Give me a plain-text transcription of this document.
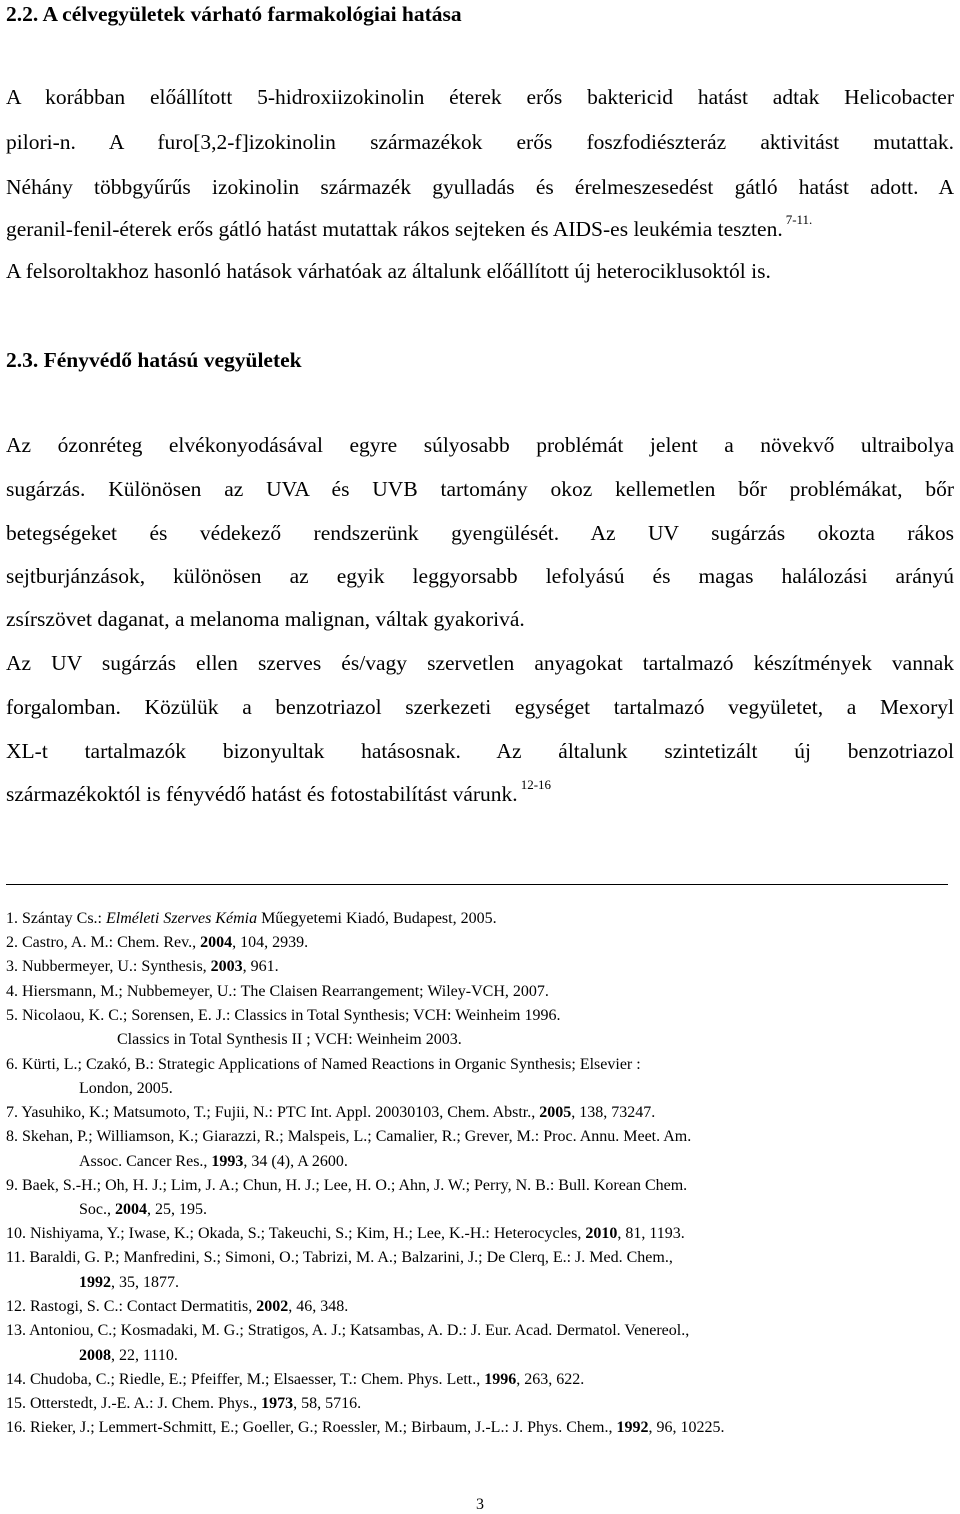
2.2. A célvegyületek várható farmakológiai hatása
A korábban előállított 5-hidroxiizokinolin éterek erős baktericid hatást adtak Helicobacter
pilori-n. A furo[3,2-f]izokinolin származékok erős foszfodiészteráz aktivitást mutattak.
Néhány többgyűrűs izokinolin származék gyulladás és érelmeszesedést gátló hatást adott. A
geranil-fenil-éterek erős gátló hatást mutattak rákos sejteken és AIDS-es leukémia teszten. $^{7-11.}$
A felsoroltakhoz hasonló hatások várhatóak az általunk előállított új heterociklusoktól is.
2.3. Fényvédő hatású vegyületek
Az ózonréteg elvékonyodásával egyre súlyosabb problémát jelent a növekvő ultraibolya
sugárzás. Különösen az UVA és UVB tartomány okoz kellemetlen bőr problémákat, bőr
betegségeket és védekező rendszerünk gyengülését. Az UV sugárzás okozta rákos
sejtburjánzások, különösen az egyik leggyorsabb lefolyású és magas halálozási arányú
zsírszövet daganat, a melanoma malignan, váltak gyakorivá.
Az UV sugárzás ellen szerves és/vagy szervetlen anyagokat tartalmazó készítmények vannak
forgalomban. Közülük a benzotriazol szerkezeti egységet tartalmazó vegyületet, a Mexoryl
XL-t tartalmazók bizonyultak hatásosnak. Az általunk szintetizált új benzotriazol
származékoktól is fényvédő hatást és fotostabilítást várunk. $^{12-16}$
1. Szántay Cs.: Elméleti Szerves Kémia Műegyetemi Kiadó, Budapest, 2005.
2. Castro, A. M.: Chem. Rev., 2004, 104, 2939.
3. Nubbermeyer, U.: Synthesis, 2003, 961.
4. Hiersmann, M.; Nubbemeyer, U.: The Claisen Rearrangement; Wiley-VCH, 2007.
5. Nicolaou, K. C.; Sorensen, E. J.: Classics in Total Synthesis; VCH: Weinheim 1996.
Classics in Total Synthesis II ; VCH: Weinheim 2003.
6. Kürti, L.; Czakó, B.: Strategic Applications of Named Reactions in Organic Synthesis; Elsevier :
London, 2005.
7. Yasuhiko, K.; Matsumoto, T.; Fujii, N.: PTC Int. Appl. 20030103, Chem. Abstr., 2005, 138, 73247.
8. Skehan, P.; Williamson, K.; Giarazzi, R.; Malspeis, L.; Camalier, R.; Grever, M.: Proc. Annu. Meet. Am.
Assoc. Cancer Res., 1993, 34 (4), A 2600.
9. Baek, S.-H.; Oh, H. J.; Lim, J. A.; Chun, H. J.; Lee, H. O.; Ahn, J. W.; Perry, N. B.: Bull. Korean Chem.
Soc., 2004, 25, 195.
10. Nishiyama, Y.; Iwase, K.; Okada, S.; Takeuchi, S.; Kim, H.; Lee, K.-H.: Heterocycles, 2010, 81, 1193.
11. Baraldi, G. P.; Manfredini, S.; Simoni, O.; Tabrizi, M. A.; Balzarini, J.; De Clerq, E.: J. Med. Chem.,
1992, 35, 1877.
12. Rastogi, S. C.: Contact Dermatitis, 2002, 46, 348.
13. Antoniou, C.; Kosmadaki, M. G.; Stratigos, A. J.; Katsambas, A. D.: J. Eur. Acad. Dermatol. Venereol.,
2008, 22, 1110.
14. Chudoba, C.; Riedle, E.; Pfeiffer, M.; Elsaesser, T.: Chem. Phys. Lett., 1996, 263, 622.
15. Otterstedt, J.-E. A.: J. Chem. Phys., 1973, 58, 5716.
16. Rieker, J.; Lemmert-Schmitt, E.; Goeller, G.; Roessler, M.; Birbaum, J.-L.: J. Phys. Chem., 1992, 96, 10225.
3
